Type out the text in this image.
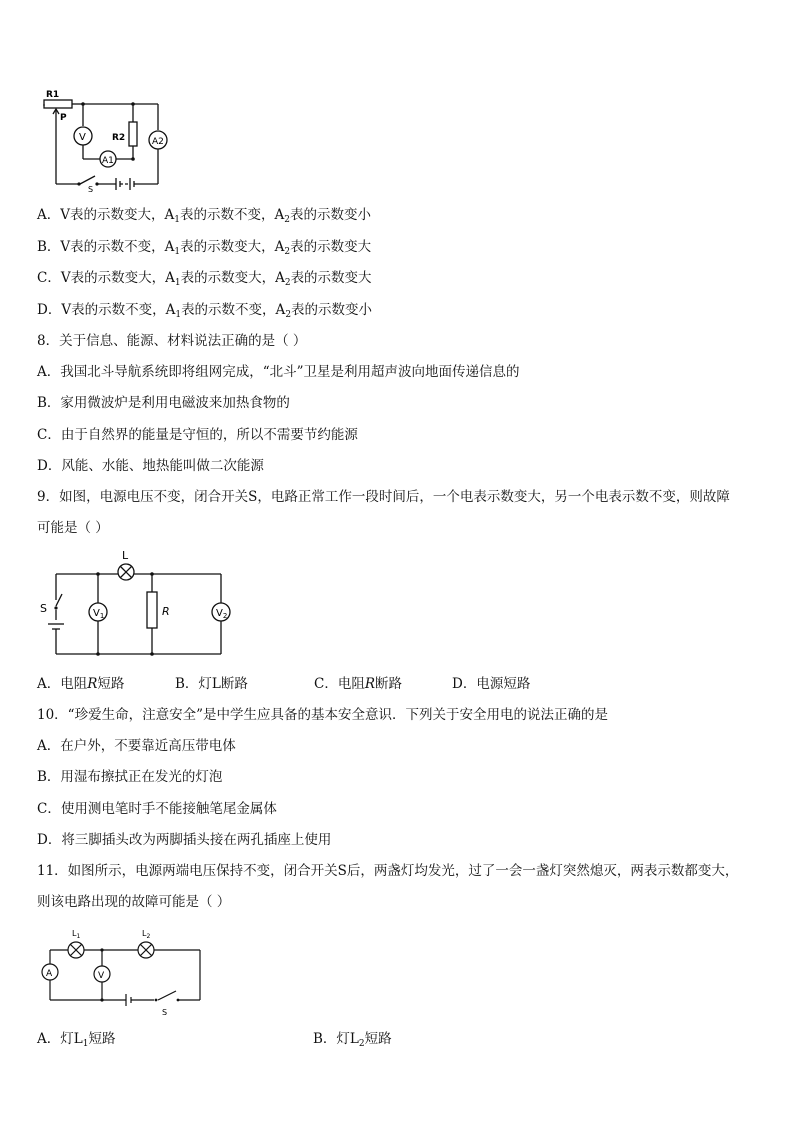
R1
P
V	R2
A1
A2
S
A．V表的示数变大，$A_1$表的示数不变，$A_2$表的示数变小
B．V表的示数不变，$A_1$表的示数变大，$A_2$表的示数变大
C．V表的示数变大，$A_1$表的示数变大，$A_2$表的示数变大
D．V表的示数不变，$A_1$表的示数不变，$A_2$表的示数变小
8．关于信息、能源、材料说法正确的是（ ）
A．我国北斗导航系统即将组网完成，“北斗”卫星是利用超声波向地面传递信息的
B．家用微波炉是利用电磁波来加热食物的
C．由于自然界的能量是守恒的，所以不需要节约能源
D．风能、水能、地热能叫做二次能源
9．如图，电源电压不变，闭合开关S，电路正常工作一段时间后，一个电表示数变大，另一个电表示数不变，则故障
可能是（ ）
L
S	$V_1$	R	$V_2$
A．电阻R短路	B．灯L断路	C．电阻R断路	D．电源短路
10．“珍爱生命，注意安全”是中学生应具备的基本安全意识．下列关于安全用电的说法正确的是
A．在户外，不要靠近高压带电体
B．用湿布擦拭正在发光的灯泡
C．使用测电笔时手不能接触笔尾金属体
D．将三脚插头改为两脚插头接在两孔插座上使用
11．如图所示，电源两端电压保持不变，闭合开关S后，两盏灯均发光，过了一会一盏灯突然熄灭，两表示数都变大，
则该电路出现的故障可能是（ ）
$L_1$	$L_2$
A	V
S
A．灯$L_1$短路	B．灯$L_2$短路
